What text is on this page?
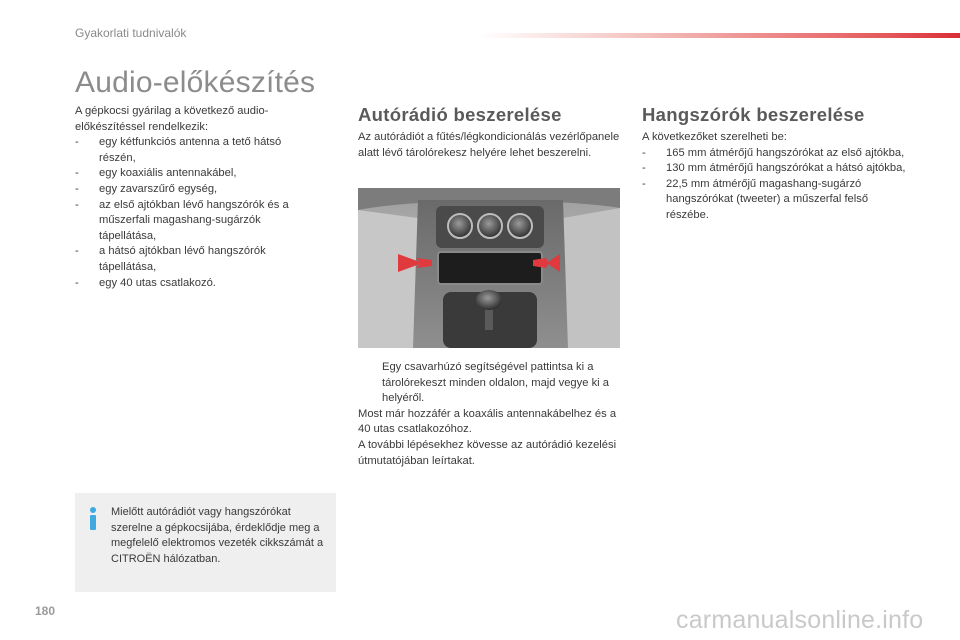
Gyakorlati tudnivalók
Audio-előkészítés

A gépkocsi gyárilag a következő audio-előkészítéssel rendelkezik:

- egy kétfunkciós antenna a tető hátsó részén,
- egy koaxiális antennakábel,
- egy zavarszűrő egység,
- az első ajtókban lévő hangszórók és a műszerfali magashang-sugárzók tápellátása,
- a hátsó ajtókban lévő hangszórók tápellátása,
- egy 40 utas csatlakozó.
Autórádió beszerelése

Az autórádiót a fűtés/légkondicionálás vezérlőpanele alatt lévő tárolórekesz helyére lehet beszerelni.

Egy csavarhúzó segítségével pattintsa ki a tárolórekeszt minden oldalon, majd vegye ki a helyéről.

Most már hozzáfér a koaxális antennakábelhez és a 40 utas csatlakozóhoz.

A további lépésekhez kövesse az autórádió kezelési útmutatójában leírtakat.

Hangszórók beszerelése

A következőket szerelheti be:

- 165 mm átmérőjű hangszórókat az első ajtókba,
- 130 mm átmérőjű hangszórókat a hátsó ajtókba,
- 22,5 mm átmérőjű magashang-sugárzó hangszórókat (tweeter) a műszerfal felső részébe.
Mielőtt autórádiót vagy hangszórókat szerelne a gépkocsijába, érdeklődje meg a megfelelő elektromos vezeték cikkszámát a CITROËN hálózatban.
180	carmanualsonline.info
